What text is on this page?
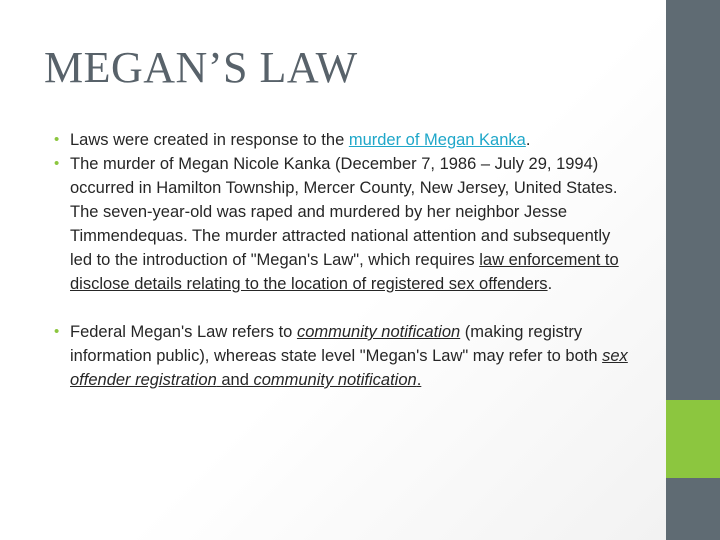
MEGAN’S LAW

• Laws were created in response to the murder of Megan Kanka.

• The murder of Megan Nicole Kanka (December 7, 1986 – July 29, 1994) occurred in Hamilton Township, Mercer County, New Jersey, United States. The seven-year-old was raped and murdered by her neighbor Jesse Timmendequas. The murder attracted national attention and subsequently led to the introduction of "Megan's Law", which requires law enforcement to disclose details relating to the location of registered sex offenders.

• Federal Megan's Law refers to community notification (making registry information public), whereas state level "Megan's Law" may refer to both sex offender registration and community notification.
